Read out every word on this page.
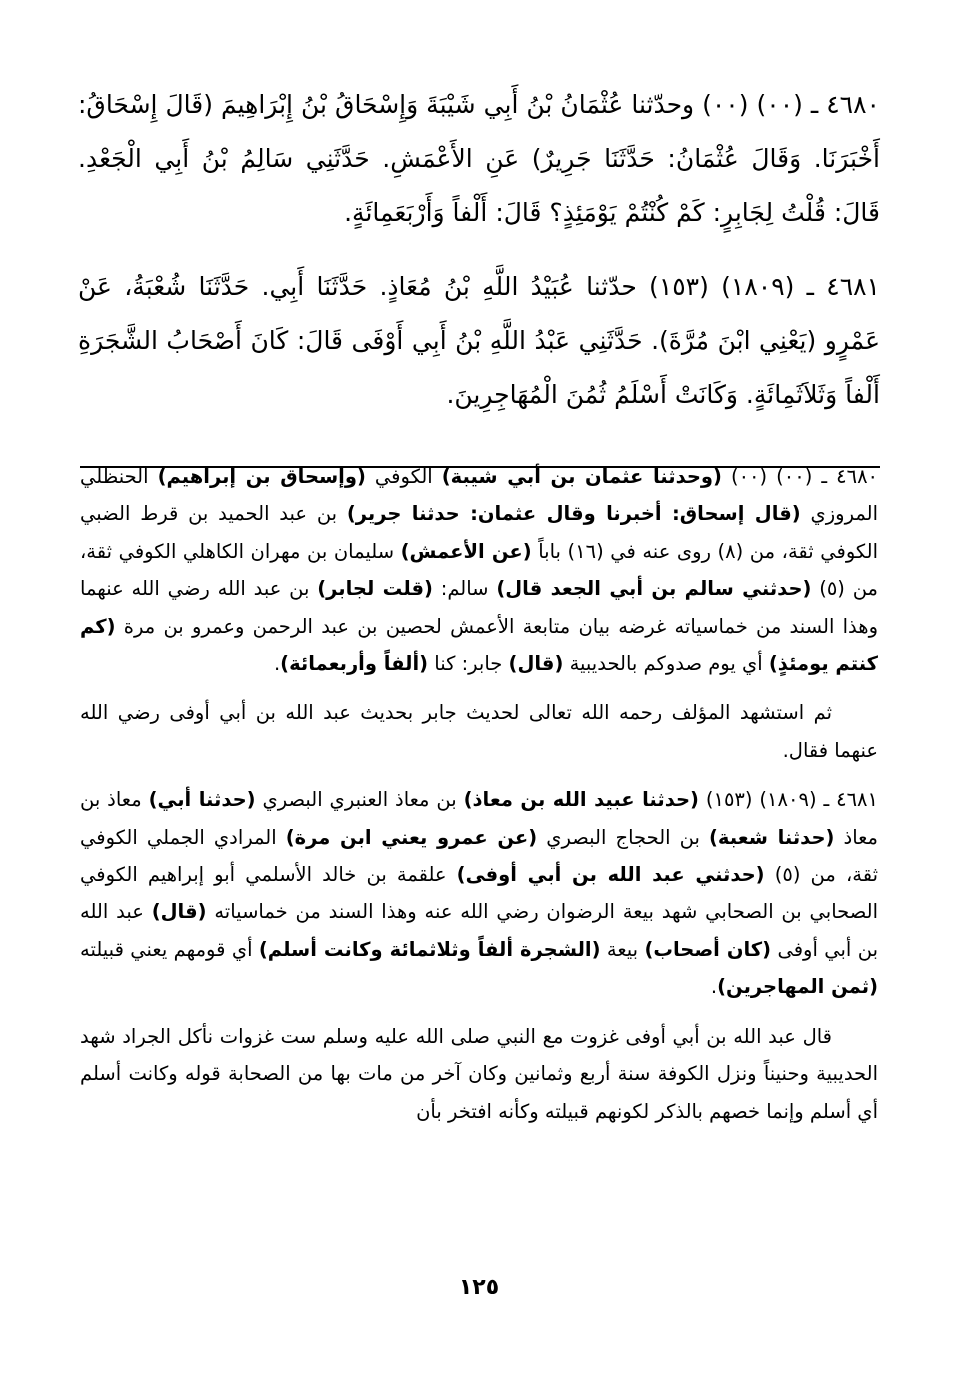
٤٦٨٠ ـ (٠٠) (٠٠) وحدّثنا عُثْمَانُ بْنُ أَبِي شَيْبَةَ وَإِسْحَاقُ بْنُ إِبْرَاهِيمَ (قَالَ إِسْحَاقُ: أَخْبَرَنَا. وَقَالَ عُثْمَانُ: حَدَّثَنَا جَرِيرٌ) عَنِ الأَعْمَشِ. حَدَّثَنِي سَالِمُ بْنُ أَبِي الْجَعْدِ. قَالَ: قُلْتُ لِجَابِرٍ: كَمْ كُنْتُمْ يَوْمَئِذٍ؟ قَالَ: أَلْفاً وَأَرْبَعَمِائَةٍ.

٤٦٨١ ـ (١٨٠٩) (١٥٣) حدّثنا عُبَيْدُ اللَّهِ بْنُ مُعَاذٍ. حَدَّثَنَا أَبِي. حَدَّثَنَا شُعْبَةُ، عَنْ عَمْرٍو (يَعْنِي ابْنَ مُرَّةَ). حَدَّثَنِي عَبْدُ اللَّهِ بْنُ أَبِي أَوْفَى قَالَ: كَانَ أَصْحَابُ الشَّجَرَةِ أَلْفاً وَثَلاَثَمِائَةٍ. وَكَانَتْ أَسْلَمُ ثُمُنَ الْمُهَاجِرِينَ.

٤٦٨٠ ـ (٠٠) (٠٠) (وحدثنا عثمان بن أبي شيبة) الكوفي (وإسحاق بن إبراهيم) الحنظلي المروزي (قال إسحاق: أخبرنا وقال عثمان: حدثنا جرير) بن عبد الحميد بن قرط الضبي الكوفي ثقة، من (٨) روى عنه في (١٦) باباً (عن الأعمش) سليمان بن مهران الكاهلي الكوفي ثقة، من (٥) (حدثني سالم بن أبي الجعد قال) سالم: (قلت لجابر) بن عبد الله رضي الله عنهما وهذا السند من خماسياته غرضه بيان متابعة الأعمش لحصين بن عبد الرحمن وعمرو بن مرة (كم كنتم يومئذٍ) أي يوم صدوكم بالحديبية (قال) جابر: كنا (ألفاً وأربعمائة).

ثم استشهد المؤلف رحمه الله تعالى لحديث جابر بحديث عبد الله بن أبي أوفى رضي الله عنهما فقال.

٤٦٨١ ـ (١٨٠٩) (١٥٣) (حدثنا عبيد الله بن معاذ) بن معاذ العنبري البصري (حدثنا أبي) معاذ بن معاذ (حدثنا شعبة) بن الحجاج البصري (عن عمرو يعني ابن مرة) المرادي الجملي الكوفي ثقة، من (٥) (حدثني عبد الله بن أبي أوفى) علقمة بن خالد الأسلمي أبو إبراهيم الكوفي الصحابي بن الصحابي شهد بيعة الرضوان رضي الله عنه وهذا السند من خماسياته (قال) عبد الله بن أبي أوفى (كان أصحاب) بيعة (الشجرة ألفاً وثلاثمائة وكانت أسلم) أي قومهم يعني قبيلته (ثمن المهاجرين).

قال عبد الله بن أبي أوفى غزوت مع النبي صلى الله عليه وسلم ست غزوات نأكل الجراد شهد الحديبية وحنيناً ونزل الكوفة سنة أربع وثمانين وكان آخر من مات بها من الصحابة قوله وكانت أسلم أي أسلم وإنما خصهم بالذكر لكونهم قبيلته وكأنه افتخر بأن

١٢٥
